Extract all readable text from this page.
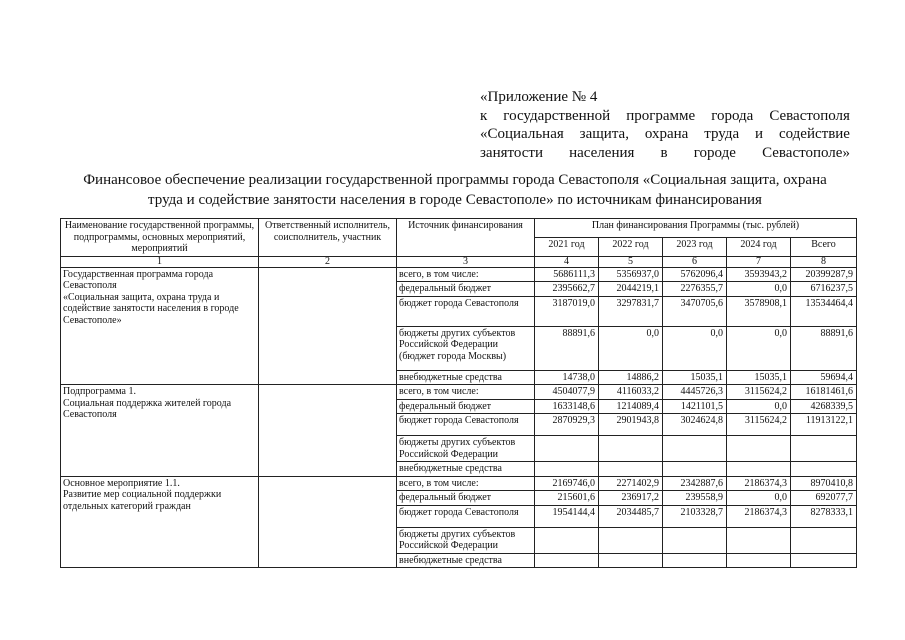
«Приложение № 4
к государственной программе города Севастополя
«Социальная защита, охрана труда и содействие
занятости населения в городе Севастополе»
Финансовое обеспечение реализации государственной программы города Севастополя «Социальная защита, охрана
труда и содействие занятости населения в городе Севастополе» по источникам финансирования
Наименование государственной программы, подпрограммы, основных мероприятий, мероприятий	Ответственный исполнитель, соисполнитель, участник	Источник финансирования	План финансирования Программы (тыс. рублей)				
			2021 год	2022 год	2023 год	2024 год	Всего
1	2	3	4	5	6	7	8

Государственная программа города Севастополя
«Социальная защита, охрана труда и содействие занятости населения в городе Севастополе»		всего, в том числе:	5686111,3	5356937,0	5762096,4	3593943,2	20399287,9
		федеральный бюджет	2395662,7	2044219,1	2276355,7	0,0	6716237,5
		бюджет города Севастополя	3187019,0	3297831,7	3470705,6	3578908,1	13534464,4
		бюджеты других субъектов Российской Федерации (бюджет города Москвы)	88891,6	0,0	0,0	0,0	88891,6
		внебюджетные средства	14738,0	14886,2	15035,1	15035,1	59694,4

Подпрограмма 1.
Социальная поддержка жителей города Севастополя		всего, в том числе:	4504077,9	4116033,2	4445726,3	3115624,2	16181461,6
		федеральный бюджет	1633148,6	1214089,4	1421101,5	0,0	4268339,5
		бюджет города Севастополя	2870929,3	2901943,8	3024624,8	3115624,2	11913122,1
		бюджеты других субъектов Российской Федерации					
		внебюджетные средства					

Основное мероприятие 1.1.
Развитие мер социальной поддержки отдельных категорий граждан		всего, в том числе:	2169746,0	2271402,9	2342887,6	2186374,3	8970410,8
		федеральный бюджет	215601,6	236917,2	239558,9	0,0	692077,7
		бюджет города Севастополя	1954144,4	2034485,7	2103328,7	2186374,3	8278333,1
		бюджеты других субъектов Российской Федерации					
		внебюджетные средства					
